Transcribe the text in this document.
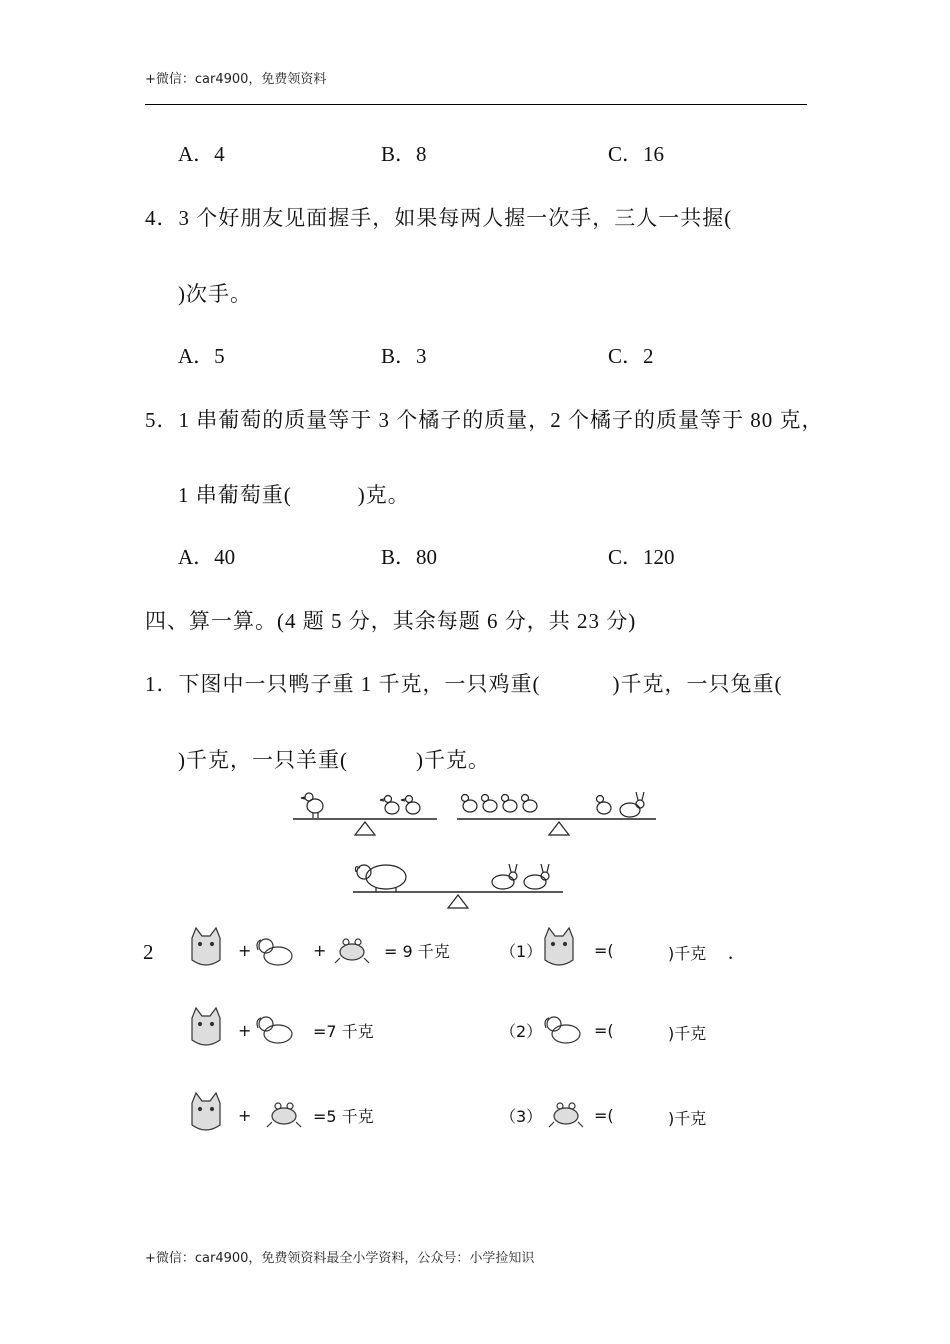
+微信：car4900，免费领资料
A．4	B．8	C．16
4．3 个好朋友见面握手，如果每两人握一次手，三人一共握(
)次手。
A．5	B．3	C．2
5．1 串葡萄的质量等于 3 个橘子的质量，2 个橘子的质量等于 80 克，
1 串葡萄重(	)克。
A．40	B．80	C．120
四、算一算。(4 题 5 分，其余每题 6 分，共 23 分)
1．下图中一只鸭子重 1 千克，一只鸡重(	)千克，一只兔重(
)千克，一只羊重(	)千克。
2	+	+	= 9 千克	（1）	=(	)千克 .
+	=7 千克	（2）	=(	)千克
+	=5 千克	（3）	=(	)千克
+微信：car4900，免费领资料最全小学资料，公众号：小学捡知识
